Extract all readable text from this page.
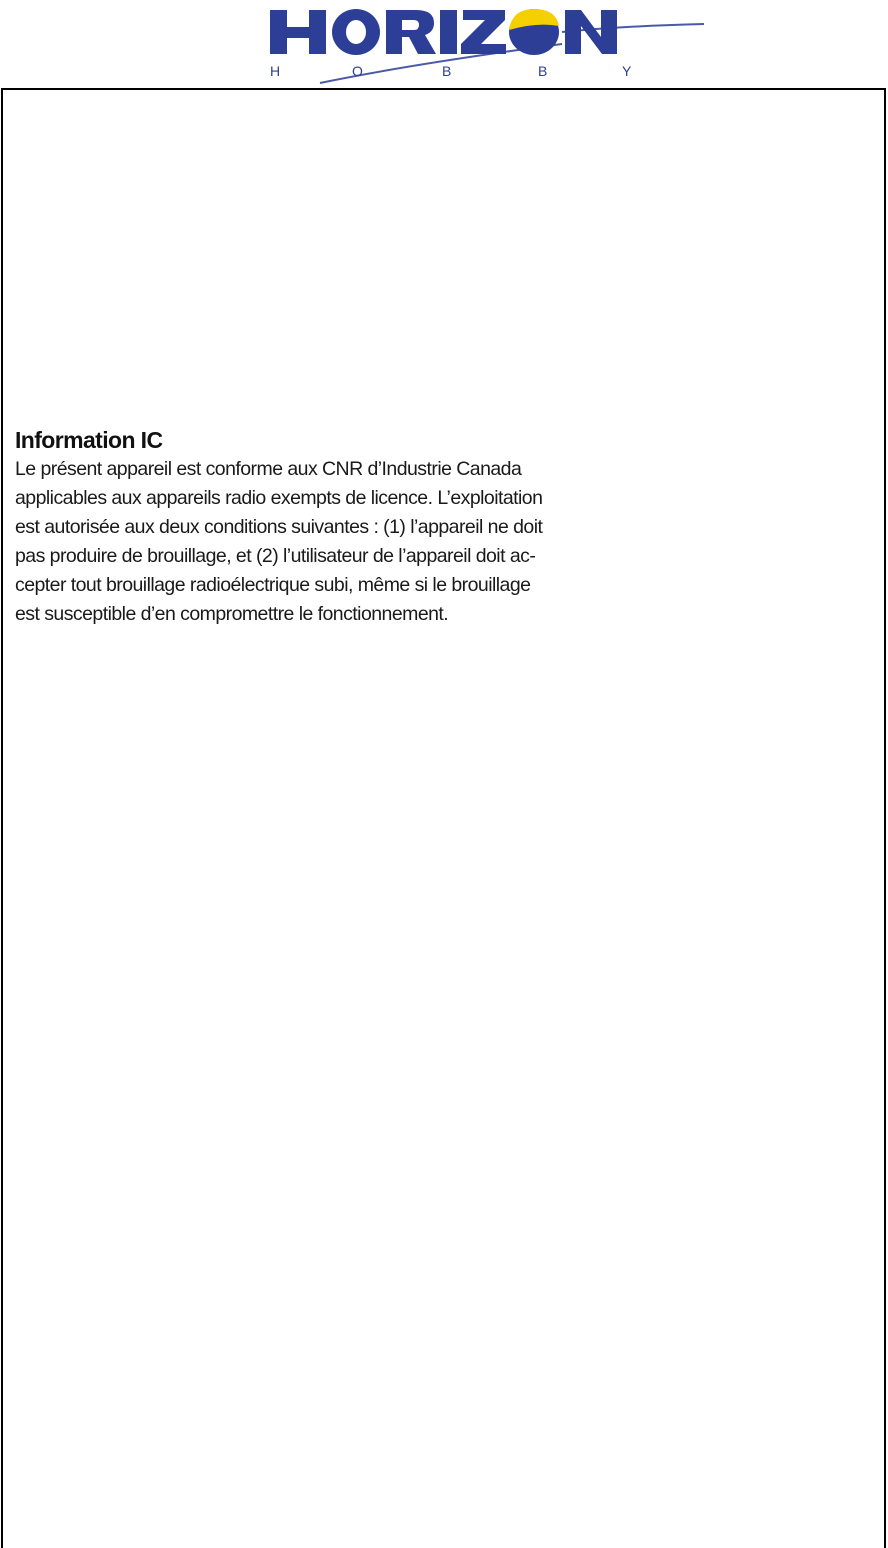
H	O	B	B	Y
Information IC

Le présent appareil est conforme aux CNR d’Industrie Canada
applicables aux appareils radio exempts de licence. L’exploitation
est autorisée aux deux conditions suivantes : (1) l’appareil ne doit
pas produire de brouillage, et (2) l’utilisateur de l’appareil doit ac-
cepter tout brouillage radioélectrique subi, même si le brouillage
est susceptible d’en compromettre le fonctionnement.
